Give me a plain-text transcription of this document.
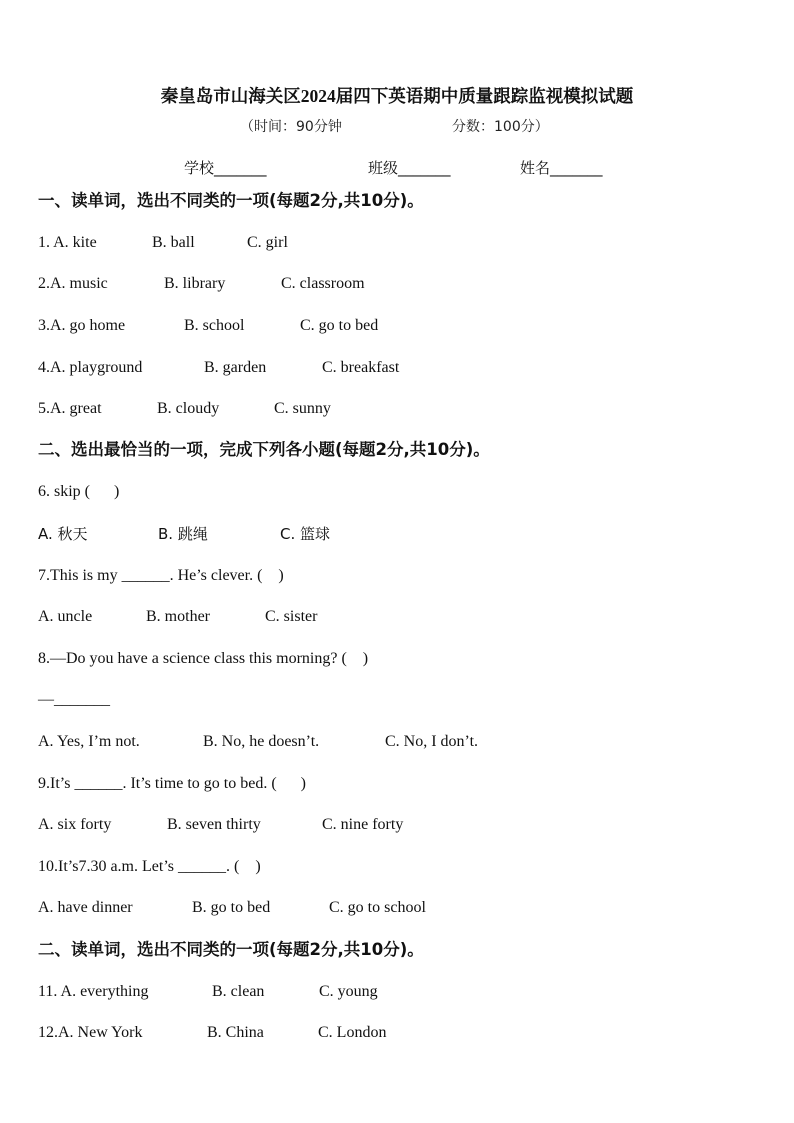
秦皇岛市山海关区2024届四下英语期中质量跟踪监视模拟试题
（时间：90分钟	分数：100分）
学校_______	班级_______	姓名_______
一、读单词，选出不同类的一项(每题2分,共10分)。
1. A. kite	B. ball	C. girl
2.A. music	B. library	C. classroom
3.A. go home	B. school	C. go to bed
4.A. playground	B. garden	C. breakfast
5.A. great	B. cloudy	C. sunny
二、选出最恰当的一项，完成下列各小题(每题2分,共10分)。
6. skip (      )
A. 秋天	B. 跳绳	C. 篮球
7.This is my ______. He’s clever. (    )
A. uncle	B. mother	C. sister
8.—Do you have a science class this morning? (    )
—_______
A. Yes, I’m not.	B. No, he doesn’t.	C. No, I don’t.
9.It’s ______. It’s time to go to bed. (      )
A. six forty	B. seven thirty	C. nine forty
10.It’s7.30 a.m. Let’s ______. (    )
A. have dinner	B. go to bed	C. go to school
二、读单词，选出不同类的一项(每题2分,共10分)。
11. A. everything	B. clean	C. young
12.A. New York	B. China	C. London
